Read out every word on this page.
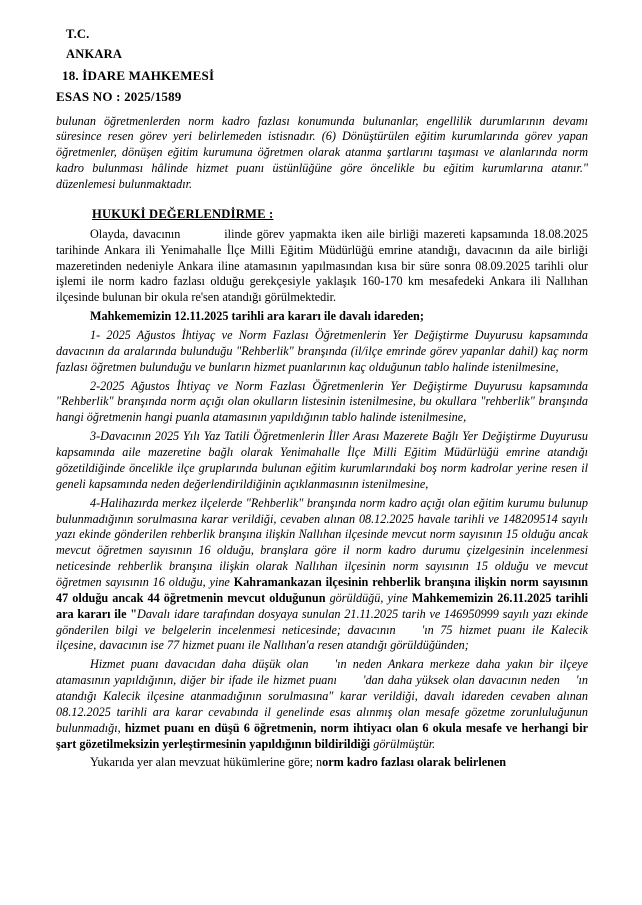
T.C.
ANKARA
18. İDARE MAHKEMESİ
ESAS NO : 2025/1589

bulunan öğretmenlerden norm kadro fazlası konumunda bulunanlar, engellilik durumlarının devamı süresince resen görev yeri belirlemeden istisnadır. (6) Dönüştürülen eğitim kurumlarında görev yapan öğretmenler, dönüşen eğitim kurumuna öğretmen olarak atanma şartlarını taşıması ve alanlarında norm kadro bulunması hâlinde hizmet puanı üstünlüğüne göre öncelikle bu eğitim kurumlarına atanır." düzenlemesi bulunmaktadır.

HUKUKİ DEĞERLENDİRME :

Olayda, davacının	ilinde görev yapmakta iken aile birliği mazereti kapsamında 18.08.2025 tarihinde Ankara ili Yenimahalle İlçe Milli Eğitim Müdürlüğü emrine atandığı, davacının da aile birliği mazeretinden nedeniyle Ankara iline atamasının yapılmasından kısa bir süre sonra 08.09.2025 tarihli olur işlemi ile norm kadro fazlası olduğu gerekçesiyle yaklaşık 160-170 km mesafedeki Ankara ili Nallıhan ilçesinde bulunan bir okula re'sen atandığı görülmektedir.

Mahkememizin 12.11.2025 tarihli ara kararı ile davalı idareden;

1- 2025 Ağustos İhtiyaç ve Norm Fazlası Öğretmenlerin Yer Değiştirme Duyurusu kapsamında davacının da aralarında bulunduğu "Rehberlik" branşında (il/ilçe emrinde görev yapanlar dahil) kaç norm fazlası öğretmen bulunduğu ve bunların hizmet puanlarının kaç olduğunun tablo halinde istenilmesine,

2-2025 Ağustos İhtiyaç ve Norm Fazlası Öğretmenlerin Yer Değiştirme Duyurusu kapsamında "Rehberlik" branşında norm açığı olan okulların listesinin istenilmesine, bu okullara "rehberlik" branşında hangi öğretmenin hangi puanla atamasının yapıldığının tablo halinde istenilmesine,

3-Davacının 2025 Yılı Yaz Tatili Öğretmenlerin İller Arası Mazerete Bağlı Yer Değiştirme Duyurusu kapsamında aile mazeretine bağlı olarak Yenimahalle İlçe Milli Eğitim Müdürlüğü emrine atandığı gözetildiğinde öncelikle ilçe gruplarında bulunan eğitim kurumlarındaki boş norm kadrolar yerine resen il geneli kapsamında neden değerlendirildiğinin açıklanmasının istenilmesine,

4-Halihazırda merkez ilçelerde "Rehberlik" branşında norm kadro açığı olan eğitim kurumu bulunup bulunmadığının sorulmasına karar verildiği, cevaben alınan 08.12.2025 havale tarihli ve 148209514 sayılı yazı ekinde gönderilen rehberlik branşına ilişkin Nallıhan ilçesinde mevcut norm sayısının 15 olduğu ancak mevcut öğretmen sayısının 16 olduğu, branşlara göre il norm kadro durumu çizelgesinin incelenmesi neticesinde rehberlik branşına ilişkin olarak Nallıhan ilçesinin norm sayısının 15 olduğu ve mevcut öğretmen sayısının 16 olduğu, yine Kahramankazan ilçesinin rehberlik branşına ilişkin norm sayısının 47 olduğu ancak 44 öğretmenin mevcut olduğunun görüldüğü, yine Mahkememizin 26.11.2025 tarihli ara kararı ile "Davalı idare tarafından dosyaya sunulan 21.11.2025 tarih ve 146950999 sayılı yazı ekinde gönderilen bilgi ve belgelerin incelenmesi neticesinde; davacının 'ın 75 hizmet puanı ile Kalecik ilçesine, davacının ise 77 hizmet puanı ile Nallıhan'a resen atandığı görüldüğünden;

Hizmet puanı davacıdan daha düşük olan 'ın neden Ankara merkeze daha yakın bir ilçeye atamasının yapıldığının, diğer bir ifade ile hizmet puanı 'dan daha yüksek olan davacının neden 'ın atandığı Kalecik ilçesine atanmadığının sorulmasına" karar verildiği, davalı idareden cevaben alınan 08.12.2025 tarihli ara karar cevabında il genelinde esas alınmış olan mesafe gözetme zorunluluğunun bulunmadığı, hizmet puanı en düşü 6 öğretmenin, norm ihtiyacı olan 6 okula mesafe ve herhangi bir şart gözetilmeksizin yerleştirmesinin yapıldığının bildirildiği görülmüştür.

Yukarıda yer alan mevzuat hükümlerine göre; norm kadro fazlası olarak belirlenen
